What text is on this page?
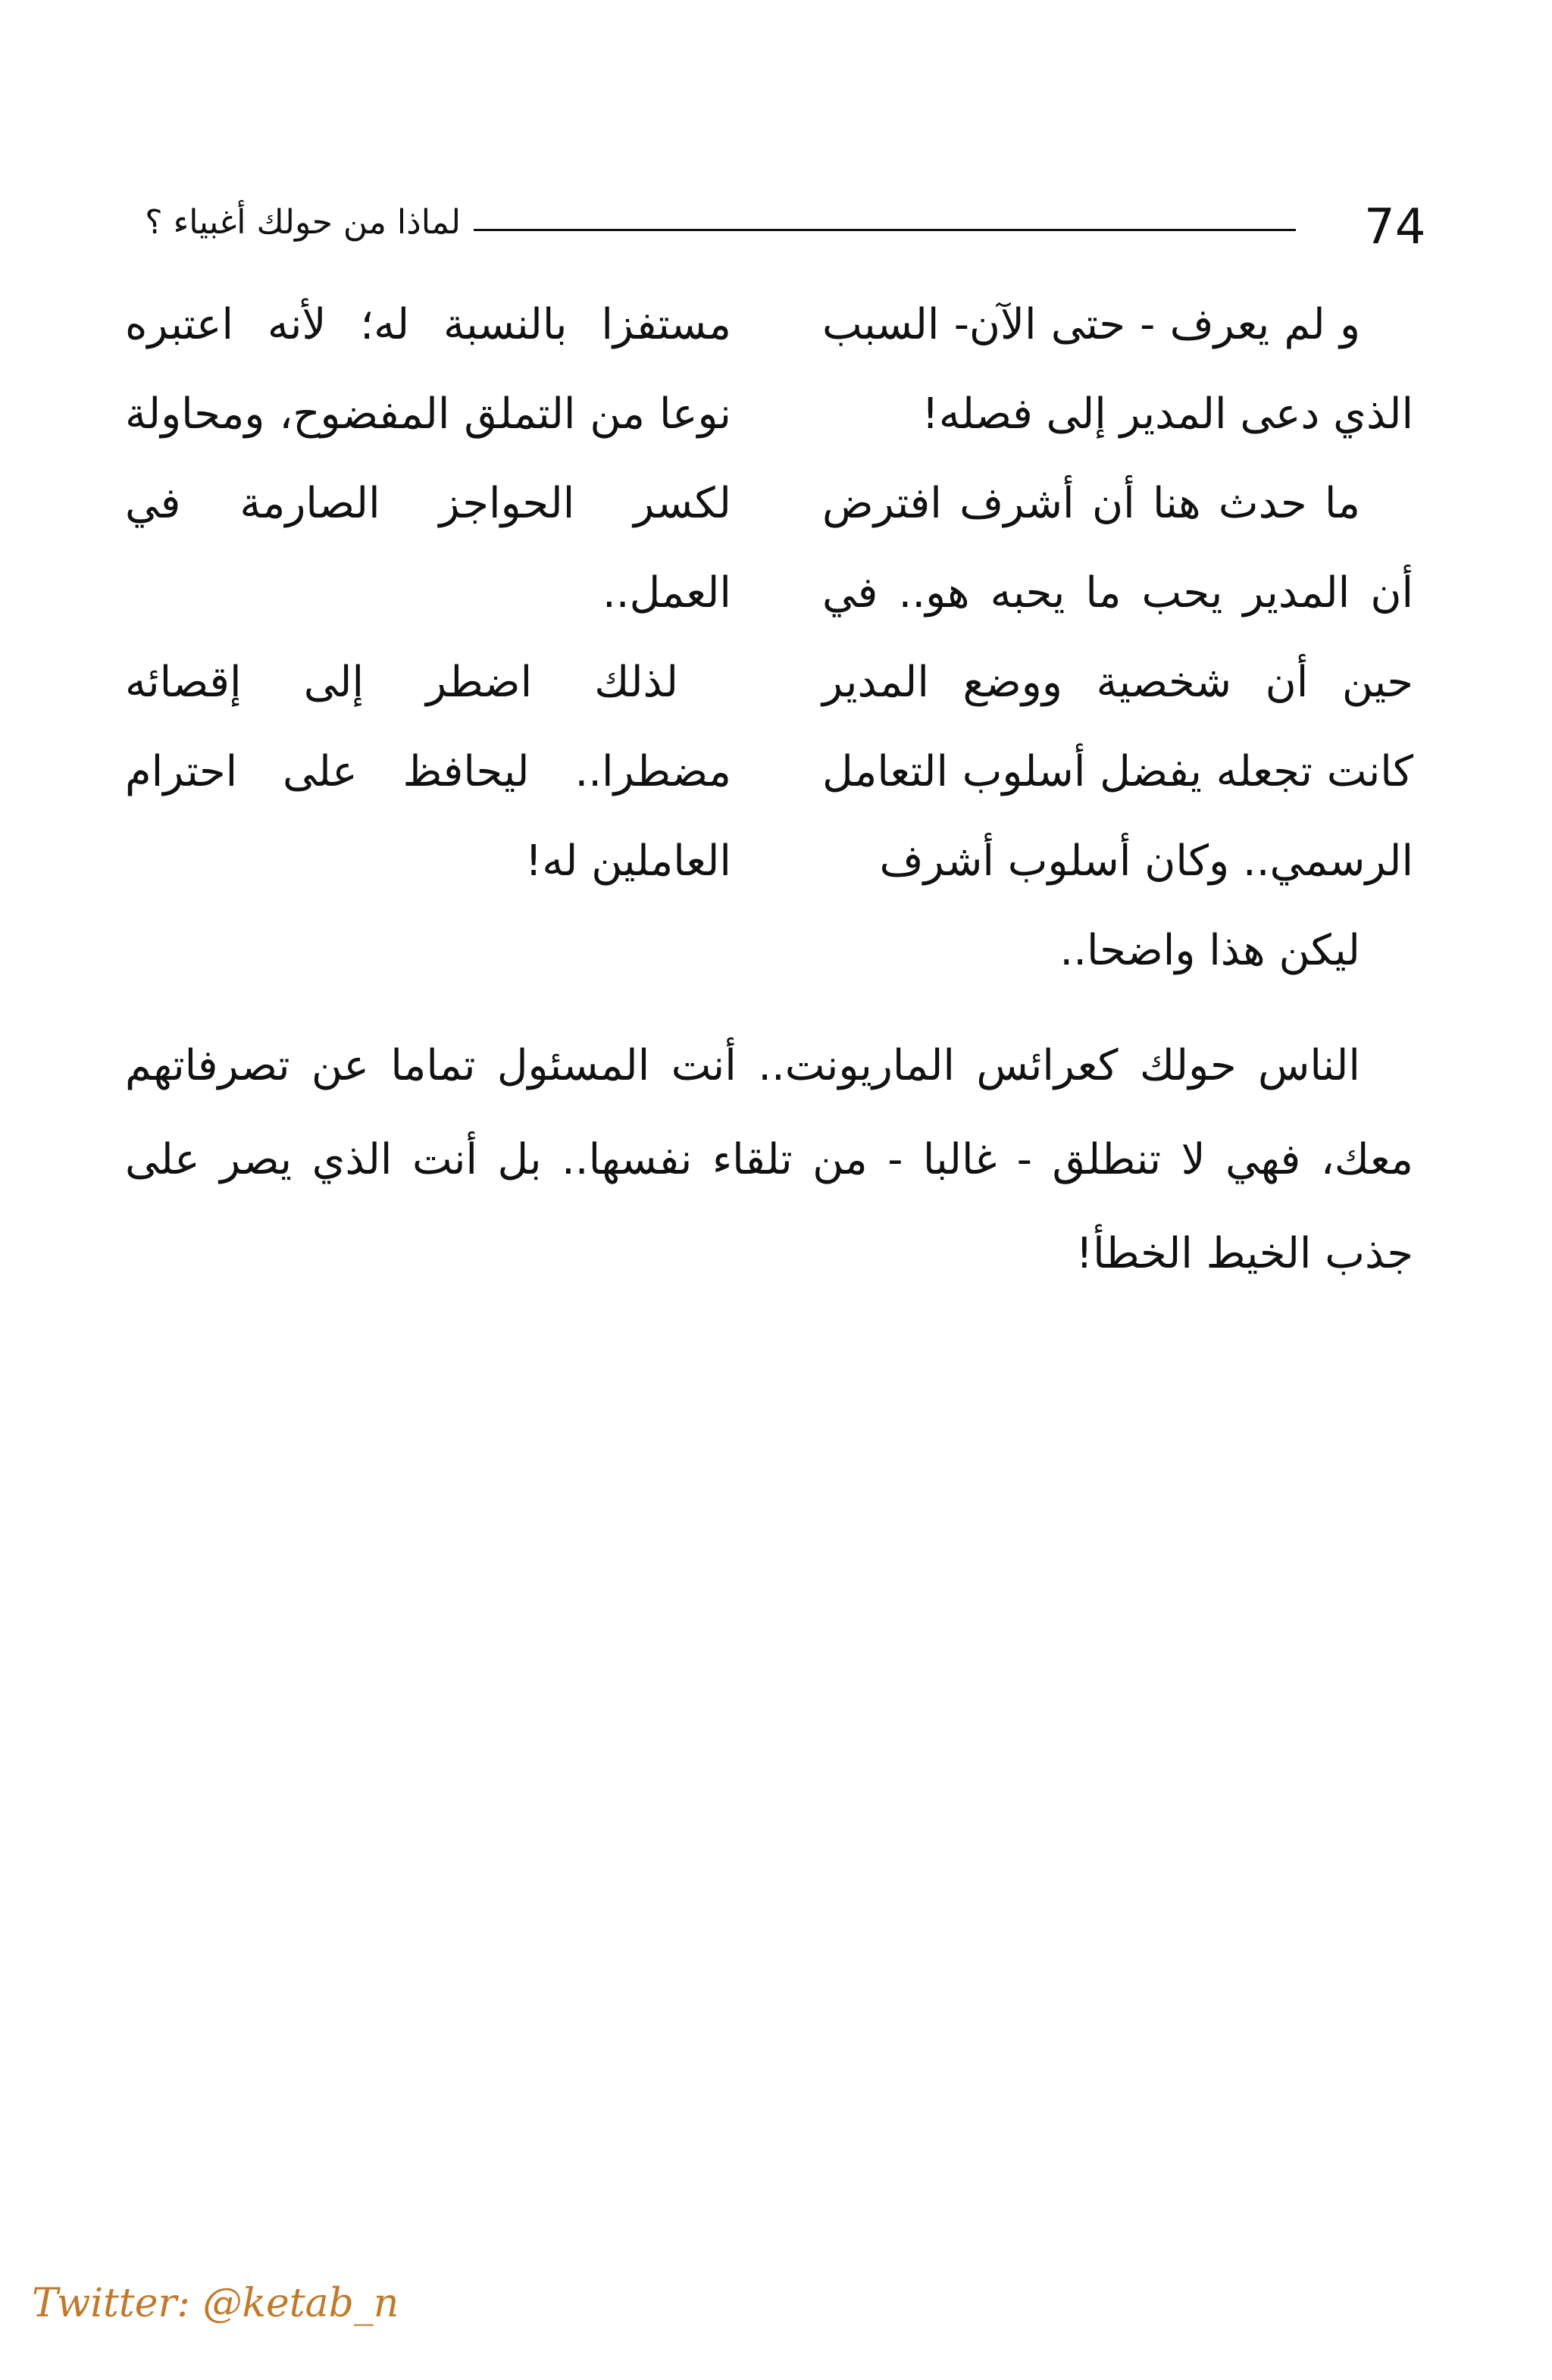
74
لماذا من حولك أغبياء ؟

و لم يعرف - حتى الآن- السبب الذي دعى المدير إلى فصله!

ما حدث هنا أن أشرف افترض أن المدير يحب ما يحبه هو.. في حين أن شخصية ووضع المدير كانت تجعله يفضل أسلوب التعامل الرسمي.. وكان أسلوب أشرف

ليكن هذا واضحا..

مستفزا بالنسبة له؛ لأنه اعتبره نوعا من التملق المفضوح، ومحاولة لكسر الحواجز الصارمة في العمل..

لذلك اضطر إلى إقصائه مضطرا.. ليحافظ على احترام العاملين له!

الناس حولك كعرائس الماريونت.. أنت المسئول تماما عن تصرفاتهم معك، فهي لا تنطلق - غالبا - من تلقاء نفسها.. بل أنت الذي يصر على جذب الخيط الخطأ!

Twitter: @ketab_n
